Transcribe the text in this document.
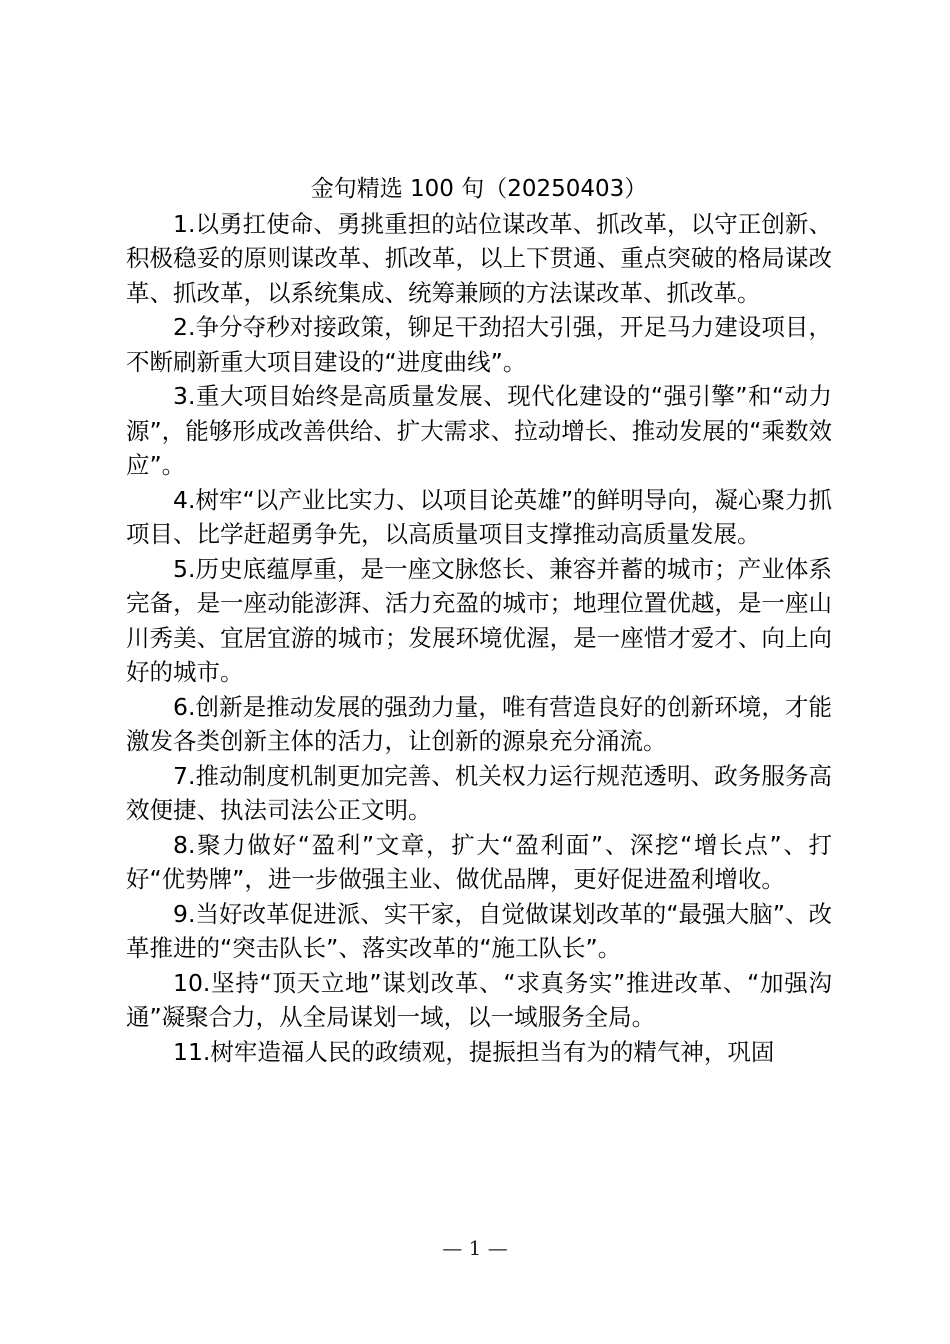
金句精选 100 句（20250403）

1.以勇扛使命、勇挑重担的站位谋改革、抓改革，以守正创新、积极稳妥的原则谋改革、抓改革，以上下贯通、重点突破的格局谋改革、抓改革，以系统集成、统筹兼顾的方法谋改革、抓改革。

2.争分夺秒对接政策，铆足干劲招大引强，开足马力建设项目，不断刷新重大项目建设的“进度曲线”。

3.重大项目始终是高质量发展、现代化建设的“强引擎”和“动力源”，能够形成改善供给、扩大需求、拉动增长、推动发展的“乘数效应”。

4.树牢“以产业比实力、以项目论英雄”的鲜明导向，凝心聚力抓项目、比学赶超勇争先，以高质量项目支撑推动高质量发展。

5.历史底蕴厚重，是一座文脉悠长、兼容并蓄的城市；产业体系完备，是一座动能澎湃、活力充盈的城市；地理位置优越，是一座山川秀美、宜居宜游的城市；发展环境优渥，是一座惜才爱才、向上向好的城市。

6.创新是推动发展的强劲力量，唯有营造良好的创新环境，才能激发各类创新主体的活力，让创新的源泉充分涌流。

7.推动制度机制更加完善、机关权力运行规范透明、政务服务高效便捷、执法司法公正文明。

8.聚力做好“盈利”文章，扩大“盈利面”、深挖“增长点”、打好“优势牌”，进一步做强主业、做优品牌，更好促进盈利增收。

9.当好改革促进派、实干家，自觉做谋划改革的“最强大脑”、改革推进的“突击队长”、落实改革的“施工队长”。

10.坚持“顶天立地”谋划改革、“求真务实”推进改革、“加强沟通”凝聚合力，从全局谋划一域，以一域服务全局。

11.树牢造福人民的政绩观，提振担当有为的精气神，巩固

— 1 —
